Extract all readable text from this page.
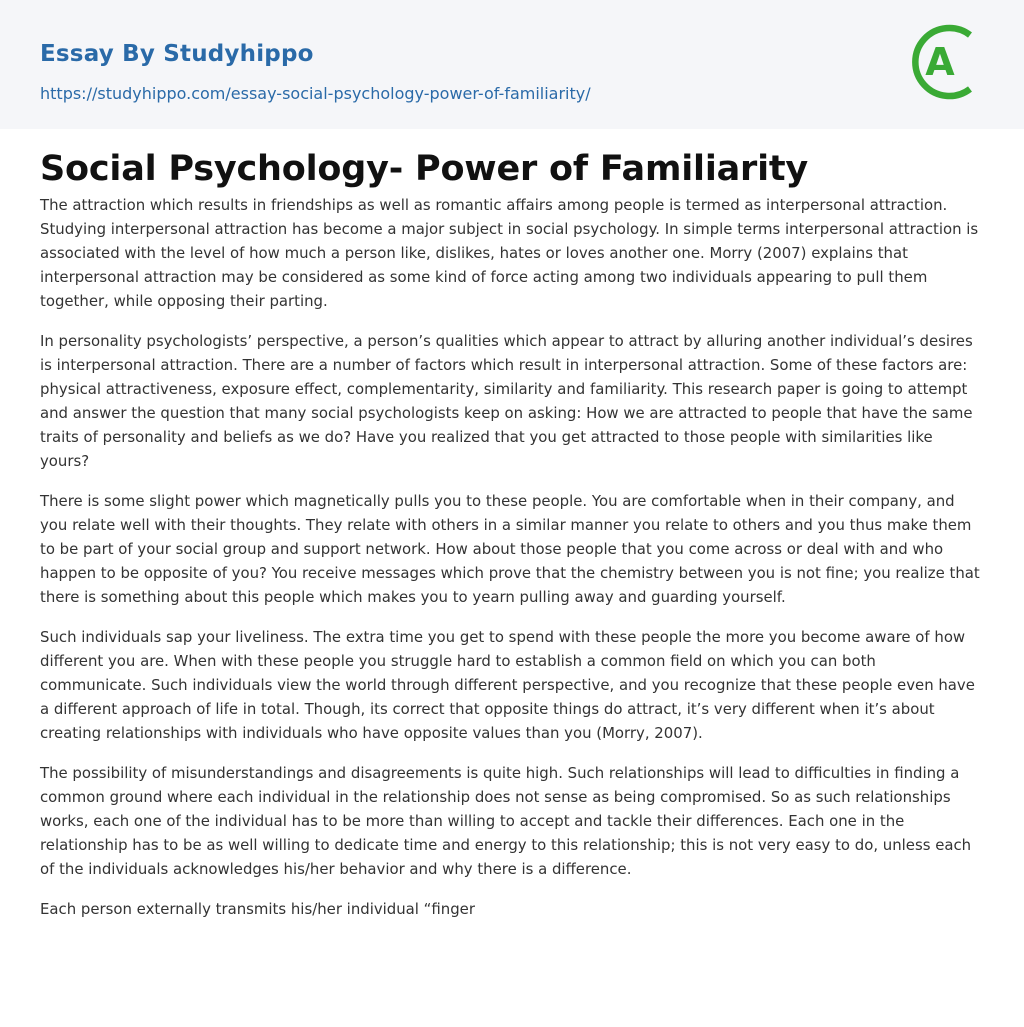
Essay By Studyhippo
https://studyhippo.com/essay-social-psychology-power-of-familiarity/
A
Social Psychology- Power of Familiarity

The attraction which results in friendships as well as romantic affairs among people is termed as interpersonal attraction. Studying interpersonal attraction has become a major subject in social psychology. In simple terms interpersonal attraction is associated with the level of how much a person like, dislikes, hates or loves another one. Morry (2007) explains that interpersonal attraction may be considered as some kind of force acting among two individuals appearing to pull them together, while opposing their parting.

In personality psychologists’ perspective, a person’s qualities which appear to attract by alluring another individual’s desires is interpersonal attraction. There are a number of factors which result in interpersonal attraction. Some of these factors are: physical attractiveness, exposure effect, complementarity, similarity and familiarity. This research paper is going to attempt and answer the question that many social psychologists keep on asking: How we are attracted to people that have the same traits of personality and beliefs as we do? Have you realized that you get attracted to those people with similarities like yours?

There is some slight power which magnetically pulls you to these people. You are comfortable when in their company, and you relate well with their thoughts. They relate with others in a similar manner you relate to others and you thus make them to be part of your social group and support network. How about those people that you come across or deal with and who happen to be opposite of you? You receive messages which prove that the chemistry between you is not fine; you realize that there is something about this people which makes you to yearn pulling away and guarding yourself.

Such individuals sap your liveliness. The extra time you get to spend with these people the more you become aware of how different you are. When with these people you struggle hard to establish a common field on which you can both communicate. Such individuals view the world through different perspective, and you recognize that these people even have a different approach of life in total. Though, its correct that opposite things do attract, it’s very different when it’s about creating relationships with individuals who have opposite values than you (Morry, 2007).

The possibility of misunderstandings and disagreements is quite high. Such relationships will lead to difficulties in finding a common ground where each individual in the relationship does not sense as being compromised. So as such relationships works, each one of the individual has to be more than willing to accept and tackle their differences. Each one in the relationship has to be as well willing to dedicate time and energy to this relationship; this is not very easy to do, unless each of the individuals acknowledges his/her behavior and why there is a difference.

Each person externally transmits his/her individual “finger
